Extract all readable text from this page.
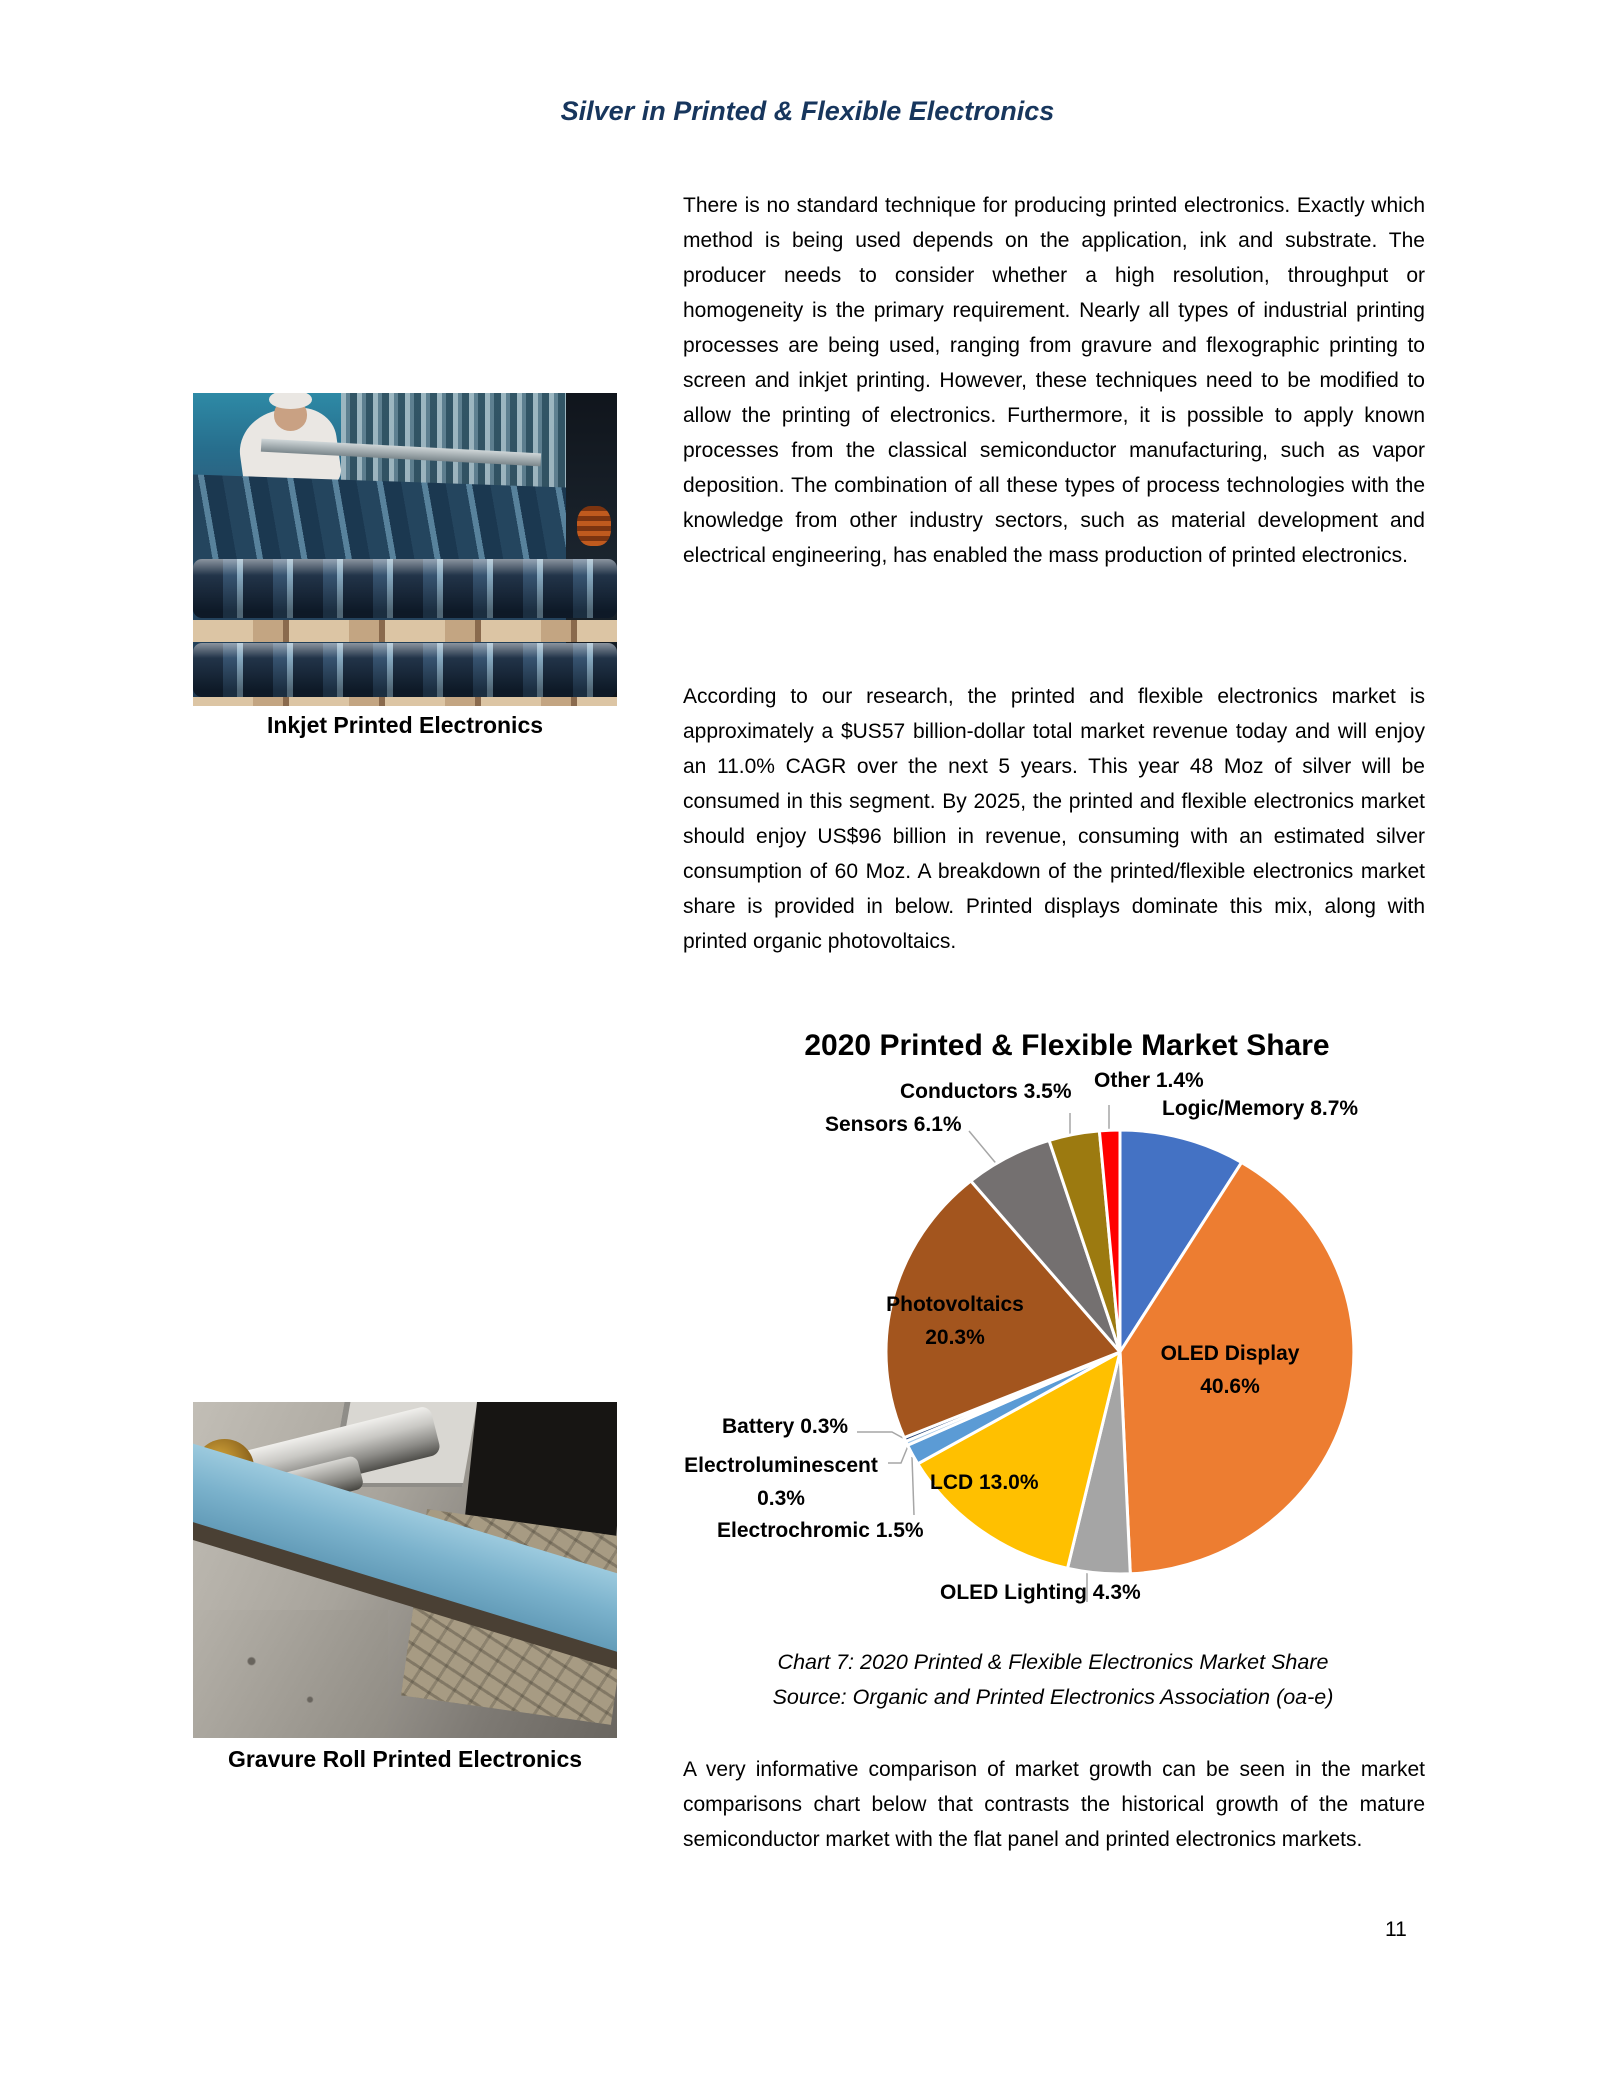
Silver in Printed & Flexible Electronics
Inkjet Printed Electronics
Gravure Roll Printed Electronics
There is no standard technique for producing printed electronics. Exactly which method is being used depends on the application, ink and substrate. The producer needs to consider whether a high resolution, throughput or homogeneity is the primary requirement. Nearly all types of industrial printing processes are being used, ranging from gravure and flexographic printing to screen and inkjet printing. However, these techniques need to be modified to allow the printing of electronics. Furthermore, it is possible to apply known processes from the classical semiconductor manufacturing, such as vapor deposition. The combination of all these types of process technologies with the knowledge from other industry sectors, such as material development and electrical engineering, has enabled the mass production of printed electronics.
According to our research, the printed and flexible electronics market is approximately a $US57 billion-dollar total market revenue today and will enjoy an 11.0% CAGR over the next 5 years. This year 48 Moz of silver will be consumed in this segment. By 2025, the printed and flexible electronics market should enjoy US$96 billion in revenue, consuming with an estimated silver consumption of 60 Moz. A breakdown of the printed/flexible electronics market share is provided in below. Printed displays dominate this mix, along with printed organic photovoltaics.
2020 Printed & Flexible Market Share
Other 1.4%
Conductors 3.5%
Logic/Memory 8.7%
Sensors 6.1%
Photovoltaics
20.3%
OLED Display
40.6%
Battery 0.3%
Electroluminescent
0.3%
Electrochromic 1.5%
LCD 13.0%
OLED Lighting 4.3%
Chart 7: 2020 Printed & Flexible Electronics Market Share
Source: Organic and Printed Electronics Association (oa-e)
A very informative comparison of market growth can be seen in the market comparisons chart below that contrasts the historical growth of the mature semiconductor market with the flat panel and printed electronics markets.
11
